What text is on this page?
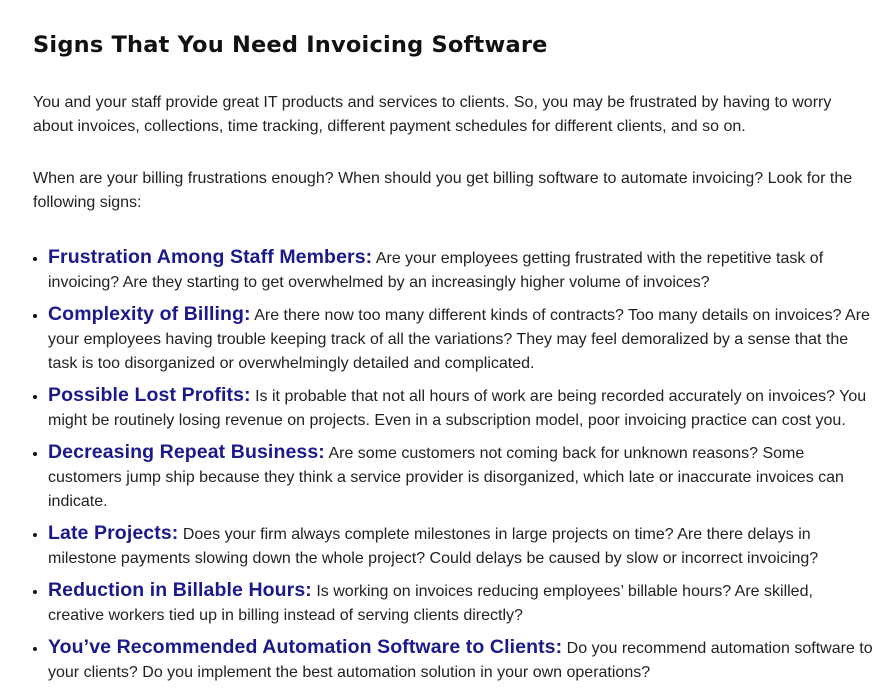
Signs That You Need Invoicing Software

You and your staff provide great IT products and services to clients. So, you may be frustrated by having to worry about invoices, collections, time tracking, different payment schedules for different clients, and so on.

When are your billing frustrations enough? When should you get billing software to automate invoicing? Look for the following signs:

• Frustration Among Staff Members: Are your employees getting frustrated with the repetitive task of invoicing? Are they starting to get overwhelmed by an increasingly higher volume of invoices?
• Complexity of Billing: Are there now too many different kinds of contracts? Too many details on invoices? Are your employees having trouble keeping track of all the variations? They may feel demoralized by a sense that the task is too disorganized or overwhelmingly detailed and complicated.
• Possible Lost Profits: Is it probable that not all hours of work are being recorded accurately on invoices? You might be routinely losing revenue on projects. Even in a subscription model, poor invoicing practice can cost you.
• Decreasing Repeat Business: Are some customers not coming back for unknown reasons? Some customers jump ship because they think a service provider is disorganized, which late or inaccurate invoices can indicate.
• Late Projects: Does your firm always complete milestones in large projects on time? Are there delays in milestone payments slowing down the whole project? Could delays be caused by slow or incorrect invoicing?
• Reduction in Billable Hours: Is working on invoices reducing employees’ billable hours? Are skilled, creative workers tied up in billing instead of serving clients directly?
• You’ve Recommended Automation Software to Clients: Do you recommend automation software to your clients? Do you implement the best automation solution in your own operations?
